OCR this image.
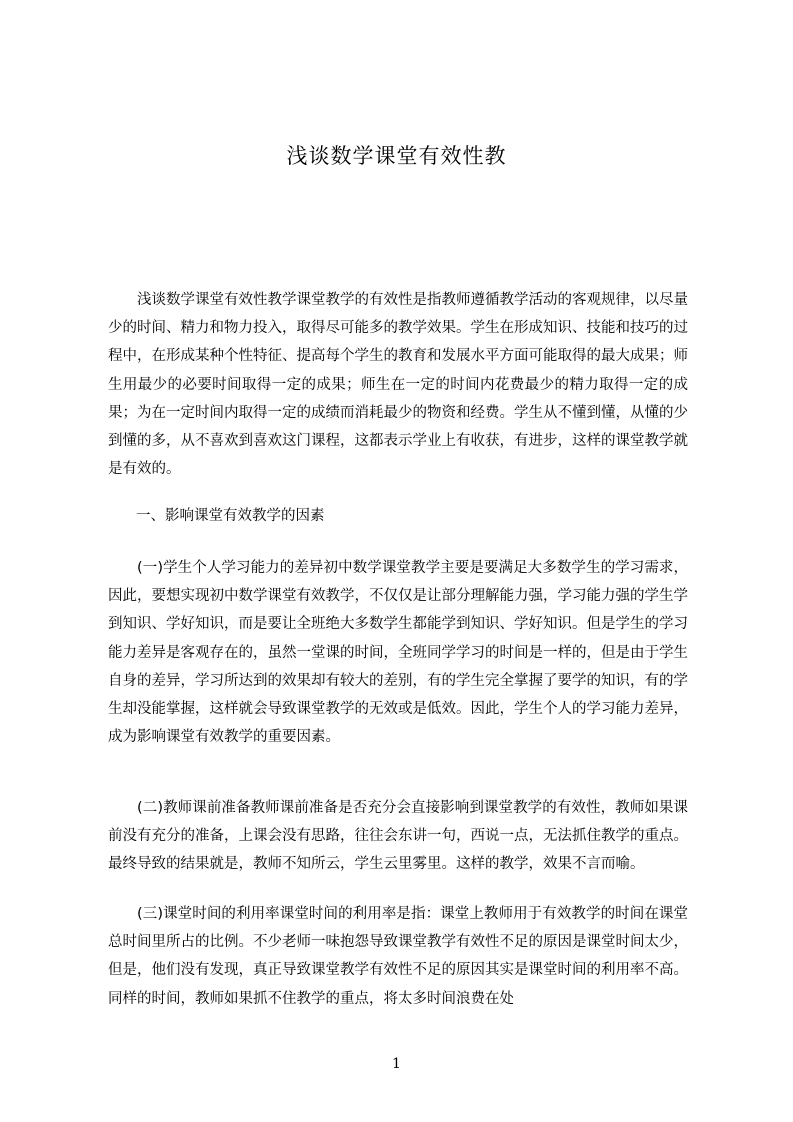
浅谈数学课堂有效性教

浅谈数学课堂有效性教学课堂教学的有效性是指教师遵循教学活动的客观规律，以尽量少的时间、精力和物力投入，取得尽可能多的教学效果。学生在形成知识、技能和技巧的过程中，在形成某种个性特征、提高每个学生的教育和发展水平方面可能取得的最大成果；师生用最少的必要时间取得一定的成果；师生在一定的时间内花费最少的精力取得一定的成果；为在一定时间内取得一定的成绩而消耗最少的物资和经费。学生从不懂到懂，从懂的少到懂的多，从不喜欢到喜欢这门课程，这都表示学业上有收获，有进步，这样的课堂教学就是有效的。

一、影响课堂有效教学的因素

(一)学生个人学习能力的差异初中数学课堂教学主要是要满足大多数学生的学习需求，因此，要想实现初中数学课堂有效教学，不仅仅是让部分理解能力强，学习能力强的学生学到知识、学好知识，而是要让全班绝大多数学生都能学到知识、学好知识。但是学生的学习能力差异是客观存在的，虽然一堂课的时间，全班同学学习的时间是一样的，但是由于学生自身的差异，学习所达到的效果却有较大的差别，有的学生完全掌握了要学的知识，有的学生却没能掌握，这样就会导致课堂教学的无效或是低效。因此，学生个人的学习能力差异，成为影响课堂有效教学的重要因素。

(二)教师课前准备教师课前准备是否充分会直接影响到课堂教学的有效性，教师如果课前没有充分的准备，上课会没有思路，往往会东讲一句，西说一点，无法抓住教学的重点。最终导致的结果就是，教师不知所云，学生云里雾里。这样的教学，效果不言而喻。

(三)课堂时间的利用率课堂时间的利用率是指：课堂上教师用于有效教学的时间在课堂总时间里所占的比例。不少老师一味抱怨导致课堂教学有效性不足的原因是课堂时间太少，但是，他们没有发现，真正导致课堂教学有效性不足的原因其实是课堂时间的利用率不高。同样的时间，教师如果抓不住教学的重点，将太多时间浪费在处

1
